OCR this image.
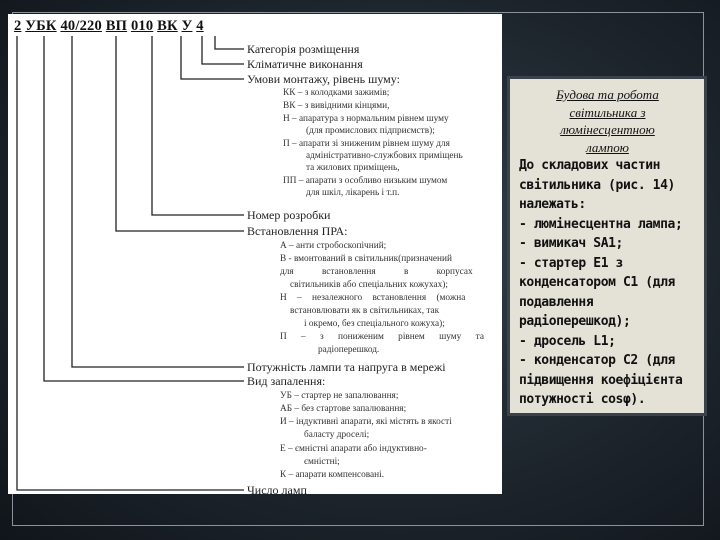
2 УБК 40/220 ВП 010 ВК У 4
Категорія розміщення
Кліматичне виконання
Умови монтажу, рівень шуму:
КК – з колодками зажимів;
ВК – з вивідними кінцями,
Н – апаратура з нормальним рівнем шуму
(для промислових підприємств);
П – апарати зі зниженим рівнем шуму для
адміністративно-службових приміщень
та жилових приміщень,
ПП – апарати з особливо низьким шумом
для шкіл, лікарень і т.п.
Номер розробки
Встановлення ПРА:
А – анти стробоскопічний;
В - вмонтований в світильник(призначений
для встановлення в корпусах
світильників або спеціальних кожухах);
Н – незалежного встановлення (можна
встановлювати як в світильниках, так
і окремо, без спеціального кожуха);
П – з пониженим рівнем шуму та
радіоперешкод.
Потужність лампи та напруга в мережі
Вид запалення:
УБ – стартер не запалювання;
АБ – без стартове запалювання;
И – індуктивні апарати, які містять в якості
баласту дроселі;
Е – ємністні апарати або індуктивно-
ємністні;
К – апарати компенсовані.
Число ламп
Будова та робота
світильника з
люмінесцентною
лампою
До складових частин
світильника (рис. 14)
належать:
- люмінесцентна лампа;
- вимикач SA1;
- стартер Е1 з
конденсатором С1 (для
подавлення
радіоперешкод);
- дросель L1;
- конденсатор С2 (для
підвищення коефіцієнта
потужності cosφ).
